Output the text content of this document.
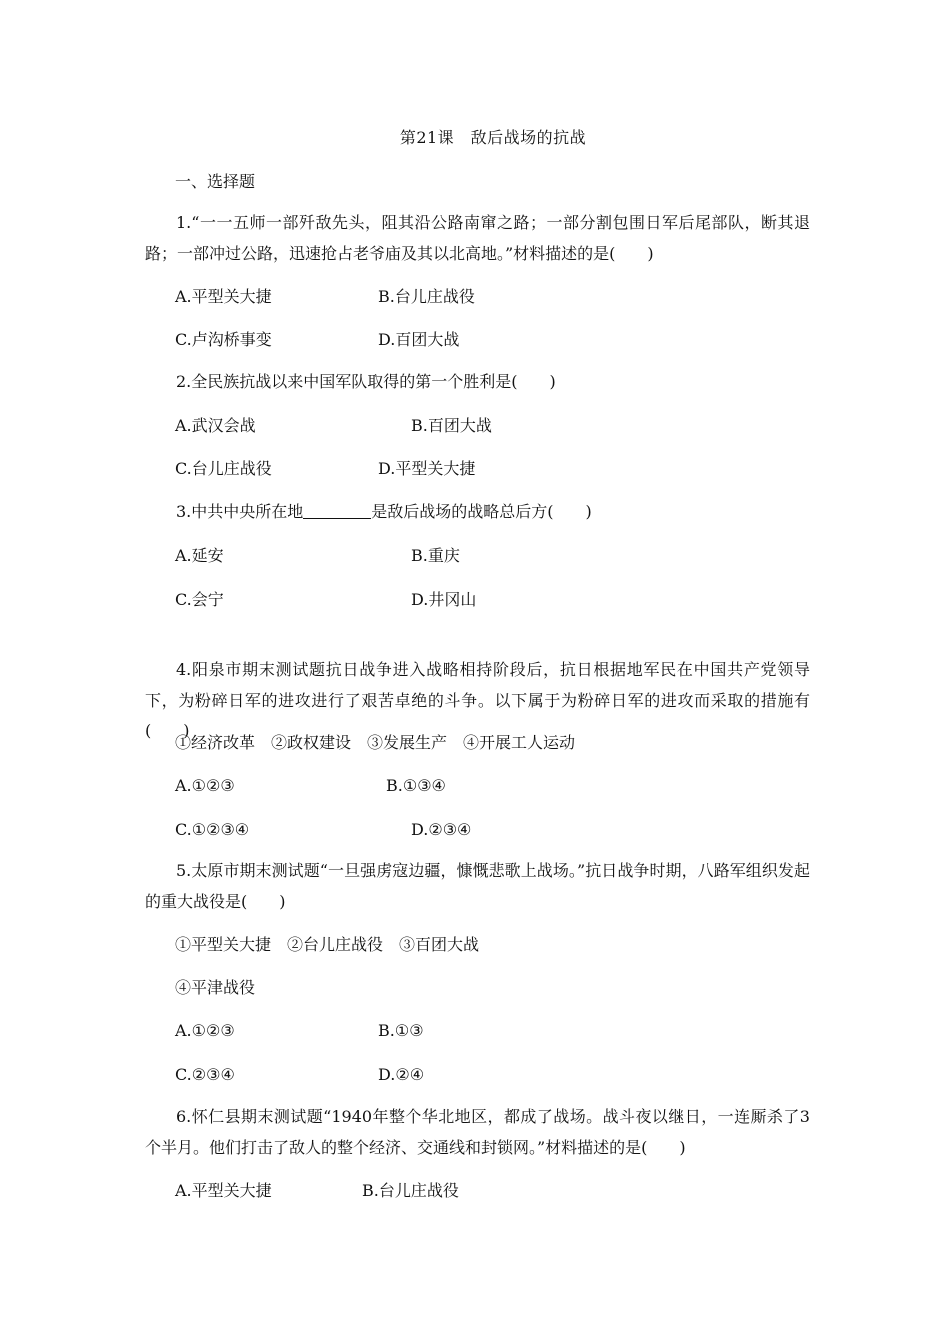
第21课　敌后战场的抗战
一、选择题
1.“一一五师一部歼敌先头，阻其沿公路南窜之路；一部分割包围日军后尾部队，断其退路；一部冲过公路，迅速抢占老爷庙及其以北高地。”材料描述的是(　　)
A.平型关大捷	B.台儿庄战役
C.卢沟桥事变	D.百团大战
2.全民族抗战以来中国军队取得的第一个胜利是(　　)
A.武汉会战	B.百团大战
C.台儿庄战役	D.平型关大捷
3.中共中央所在地	是敌后战场的战略总后方(　　)
A.延安	B.重庆
C.会宁	D.井冈山
4.阳泉市期末测试题抗日战争进入战略相持阶段后，抗日根据地军民在中国共产党领导下，为粉碎日军的进攻进行了艰苦卓绝的斗争。以下属于为粉碎日军的进攻而采取的措施有(　　)
①经济改革　②政权建设　③发展生产　④开展工人运动
A.①②③	B.①③④
C.①②③④	D.②③④
5.太原市期末测试题“一旦强虏寇边疆，慷慨悲歌上战场。”抗日战争时期，八路军组织发起的重大战役是(　　)
①平型关大捷　②台儿庄战役　③百团大战
④平津战役
A.①②③	B.①③
C.②③④	D.②④
6.怀仁县期末测试题“1940年整个华北地区，都成了战场。战斗夜以继日，一连厮杀了3个半月。他们打击了敌人的整个经济、交通线和封锁网。”材料描述的是(　　)
A.平型关大捷	B.台儿庄战役
